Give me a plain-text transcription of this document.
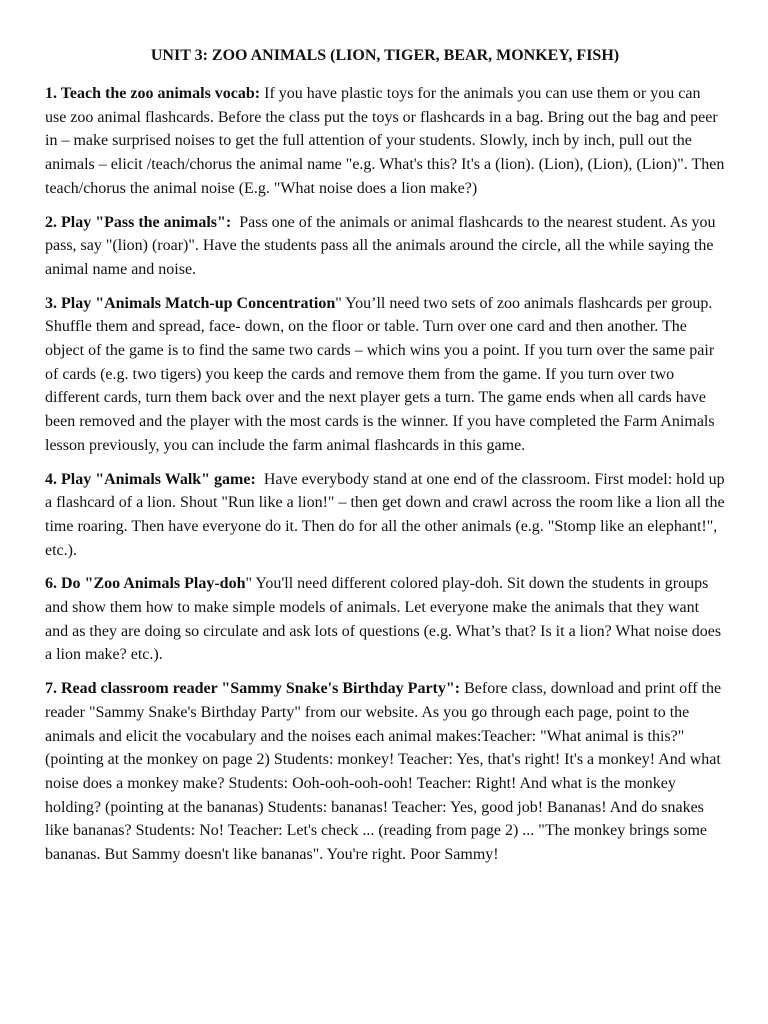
UNIT 3: ZOO ANIMALS (LION, TIGER, BEAR, MONKEY, FISH)

1. Teach the zoo animals vocab: If you have plastic toys for the animals you can use them or you can use zoo animal flashcards. Before the class put the toys or flashcards in a bag. Bring out the bag and peer in – make surprised noises to get the full attention of your students. Slowly, inch by inch, pull out the animals – elicit /teach/chorus the animal name "e.g. What's this? It's a (lion). (Lion), (Lion), (Lion)". Then teach/chorus the animal noise (E.g. "What noise does a lion make?)

2. Play "Pass the animals": Pass one of the animals or animal flashcards to the nearest student. As you pass, say "(lion) (roar)". Have the students pass all the animals around the circle, all the while saying the animal name and noise.

3. Play "Animals Match-up Concentration" You’ll need two sets of zoo animals flashcards per group. Shuffle them and spread, face- down, on the floor or table. Turn over one card and then another. The object of the game is to find the same two cards – which wins you a point. If you turn over the same pair of cards (e.g. two tigers) you keep the cards and remove them from the game. If you turn over two different cards, turn them back over and the next player gets a turn. The game ends when all cards have been removed and the player with the most cards is the winner. If you have completed the Farm Animals lesson previously, you can include the farm animal flashcards in this game.

4. Play "Animals Walk" game: Have everybody stand at one end of the classroom. First model: hold up a flashcard of a lion. Shout "Run like a lion!" – then get down and crawl across the room like a lion all the time roaring. Then have everyone do it. Then do for all the other animals (e.g. "Stomp like an elephant!", etc.).

6. Do "Zoo Animals Play-doh" You'll need different colored play-doh. Sit down the students in groups and show them how to make simple models of animals. Let everyone make the animals that they want and as they are doing so circulate and ask lots of questions (e.g. What’s that? Is it a lion? What noise does a lion make? etc.).

7. Read classroom reader "Sammy Snake's Birthday Party": Before class, download and print off the reader "Sammy Snake's Birthday Party" from our website. As you go through each page, point to the animals and elicit the vocabulary and the noises each animal makes:Teacher: "What animal is this?" (pointing at the monkey on page 2) Students: monkey! Teacher: Yes, that's right! It's a monkey! And what noise does a monkey make? Students: Ooh-ooh-ooh-ooh! Teacher: Right! And what is the monkey holding? (pointing at the bananas) Students: bananas! Teacher: Yes, good job! Bananas! And do snakes like bananas? Students: No! Teacher: Let's check ... (reading from page 2) ... "The monkey brings some bananas. But Sammy doesn't like bananas". You're right. Poor Sammy!
